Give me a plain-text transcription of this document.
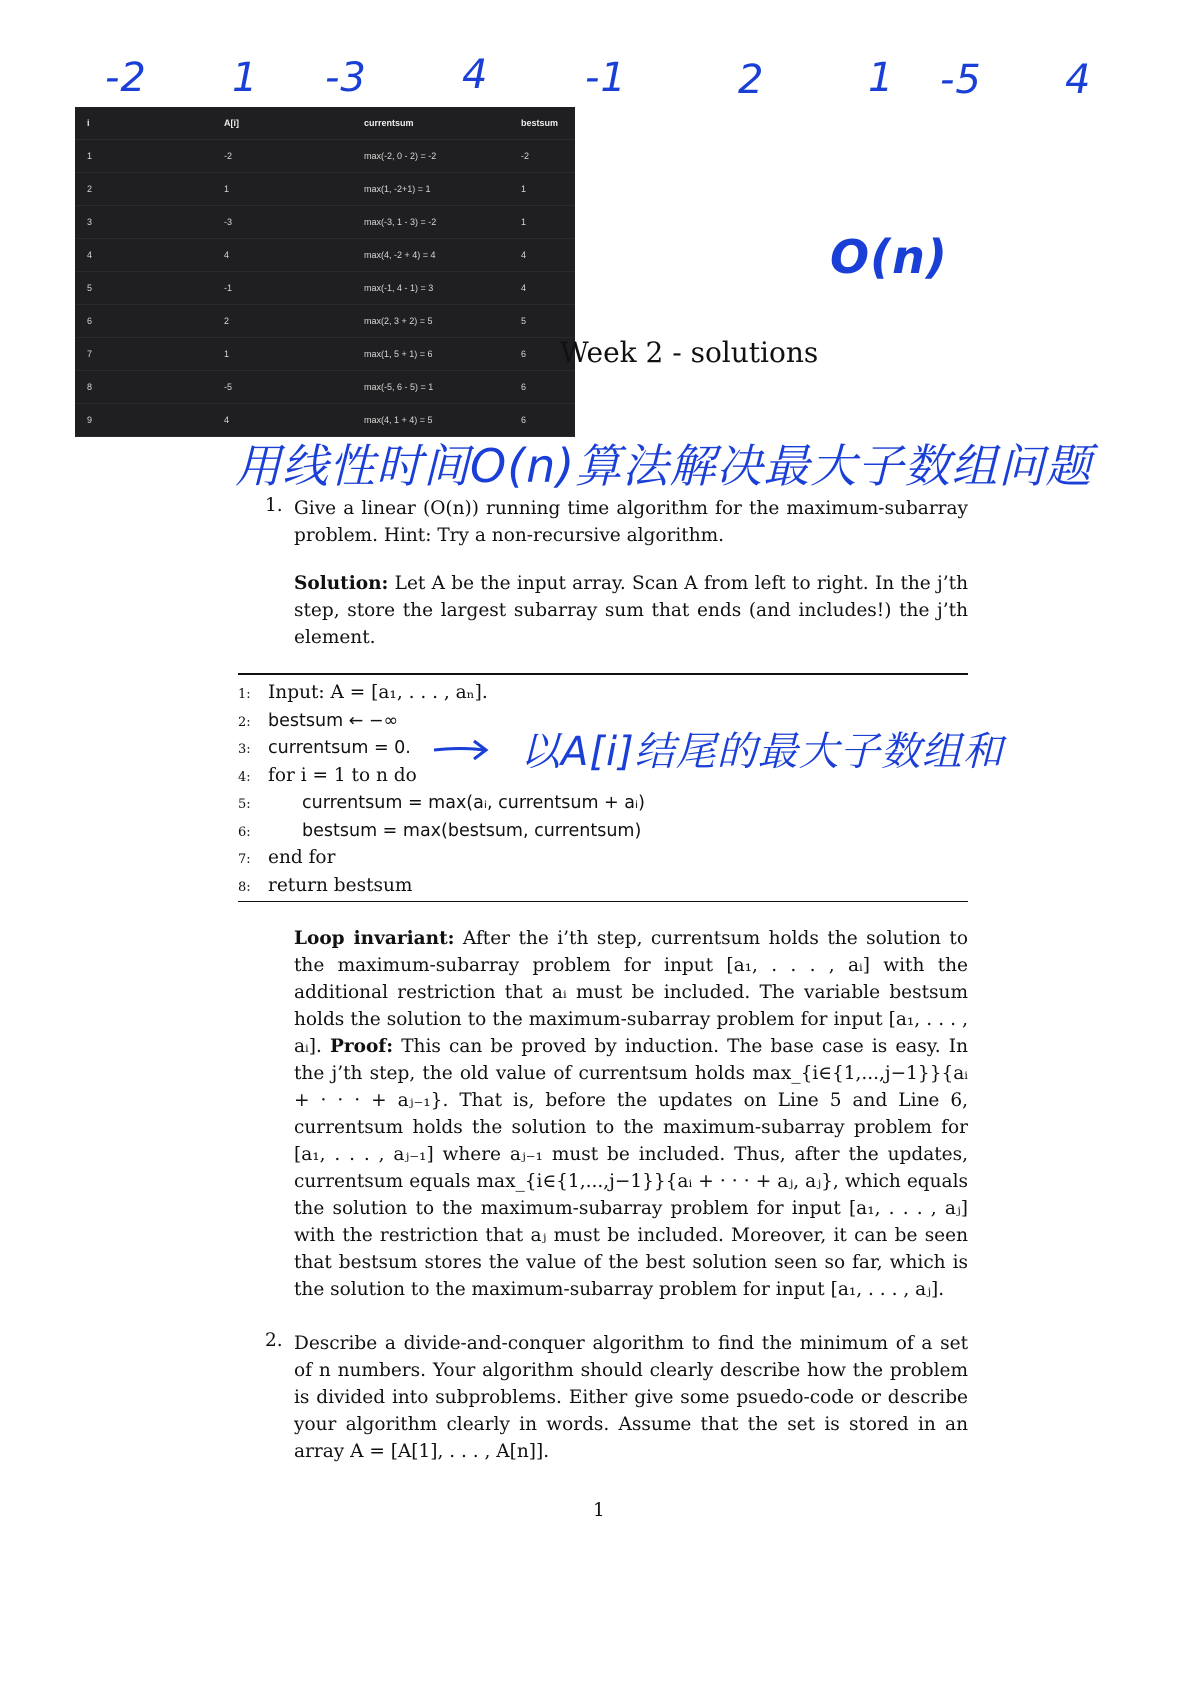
-2 1 -3 4 -1	2	1 -5 4
O(n)
i	A[i]	currentsum	bestsum
1	-2	max(-2, 0 - 2) = -2	-2
2	1	max(1, -2+1) = 1	1
3	-3	max(-3, 1 - 3) = -2	1
4	4	max(4, -2 + 4) = 4	4
5	-1	max(-1, 4 - 1) = 3	4
6	2	max(2, 3 + 2) = 5	5
7	1	max(1, 5 + 1) = 6	6
8	-5	max(-5, 6 - 5) = 1	6
9	4	max(4, 1 + 4) = 5	6
Week 2 - solutions
用线性时间O(n)算法解决最大子数组问题
1. Give a linear (O(n)) running time algorithm for the maximum-subarray problem. Hint: Try a non-recursive algorithm.
Solution: Let A be the input array. Scan A from left to right. In the j’th step, store the largest subarray sum that ends (and includes!) the j’th element.
1: Input: A = [a₁, . . . , aₙ].
2: bestsum ← −∞
3: currentsum = 0.
4: for i = 1 to n do
5:	currentsum = max(aᵢ, currentsum + aᵢ)
6:	bestsum = max(bestsum, currentsum)
7: end for
8: return bestsum
以A[i]结尾的最大子数组和
Loop invariant: After the i’th step, currentsum holds the solution to the maximum-subarray problem for input [a₁, . . . , aᵢ] with the additional restriction that aᵢ must be included. The variable bestsum holds the solution to the maximum-subarray problem for input [a₁, . . . , aᵢ]. Proof: This can be proved by induction. The base case is easy. In the j’th step, the old value of currentsum holds max_{i∈{1,...,j−1}}{aᵢ + · · · + aⱼ₋₁}. That is, before the updates on Line 5 and Line 6, currentsum holds the solution to the maximum-subarray problem for [a₁, . . . , aⱼ₋₁] where aⱼ₋₁ must be included. Thus, after the updates, currentsum equals max_{i∈{1,...,j−1}}{aᵢ + · · · + aⱼ, aⱼ}, which equals the solution to the maximum-subarray problem for input [a₁, . . . , aⱼ] with the restriction that aⱼ must be included. Moreover, it can be seen that bestsum stores the value of the best solution seen so far, which is the solution to the maximum-subarray problem for input [a₁, . . . , aⱼ].
2. Describe a divide-and-conquer algorithm to find the minimum of a set of n numbers. Your algorithm should clearly describe how the problem is divided into subproblems. Either give some psuedo-code or describe your algorithm clearly in words. Assume that the set is stored in an array A = [A[1], . . . , A[n]].
1
